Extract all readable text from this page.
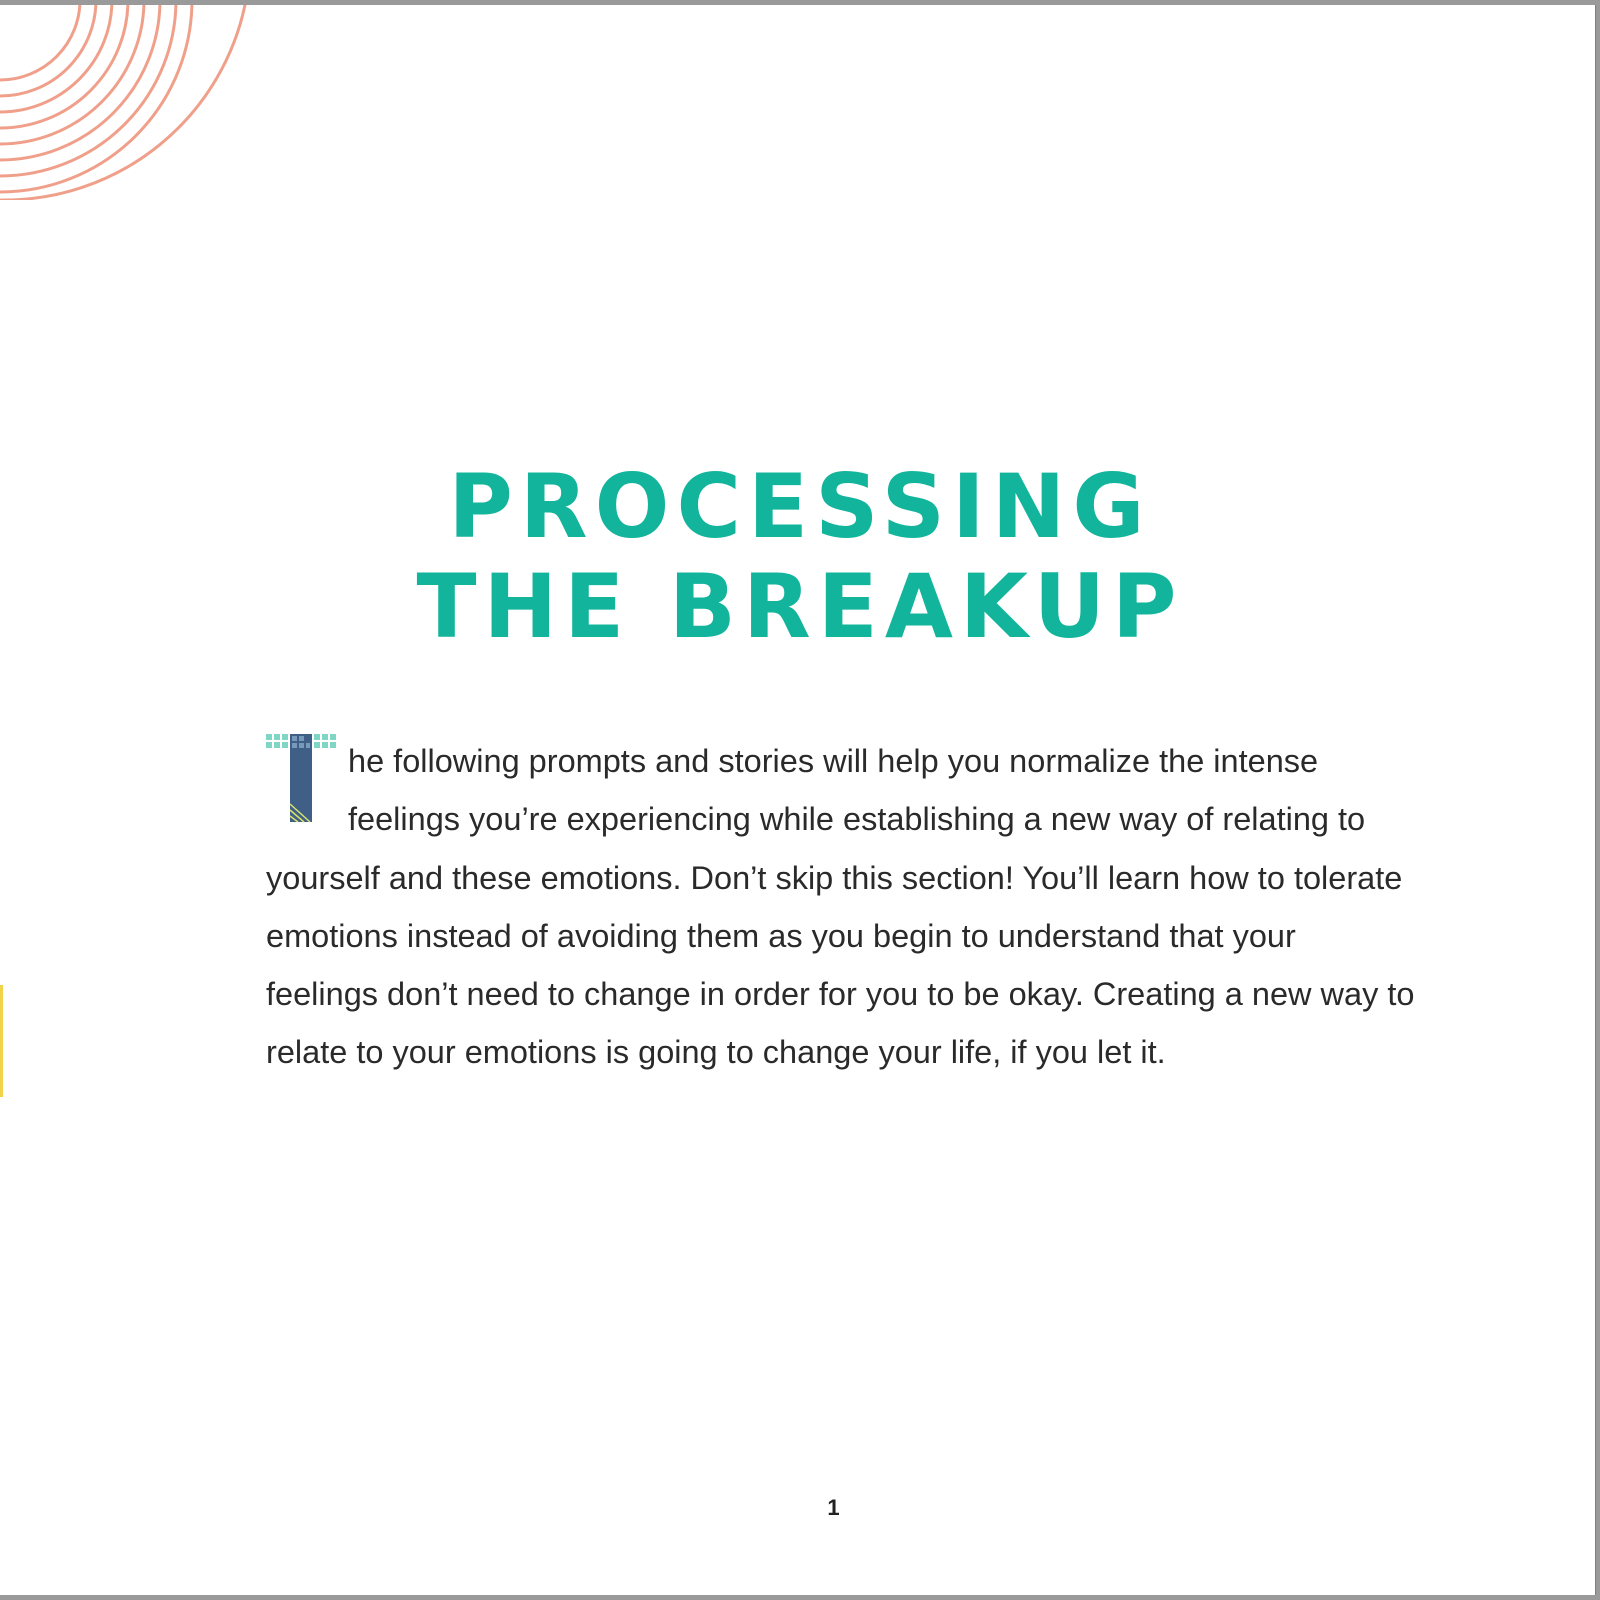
PROCESSING
THE BREAKUP

he following prompts and stories will help you normalize the intense feelings you’re experiencing while establishing a new way of relating to yourself and these emotions. Don’t skip this section! You’ll learn how to tolerate emotions instead of avoiding them as you begin to understand that your feelings don’t need to change in order for you to be okay. Creating a new way to relate to your emotions is going to change your life, if you let it.

1
